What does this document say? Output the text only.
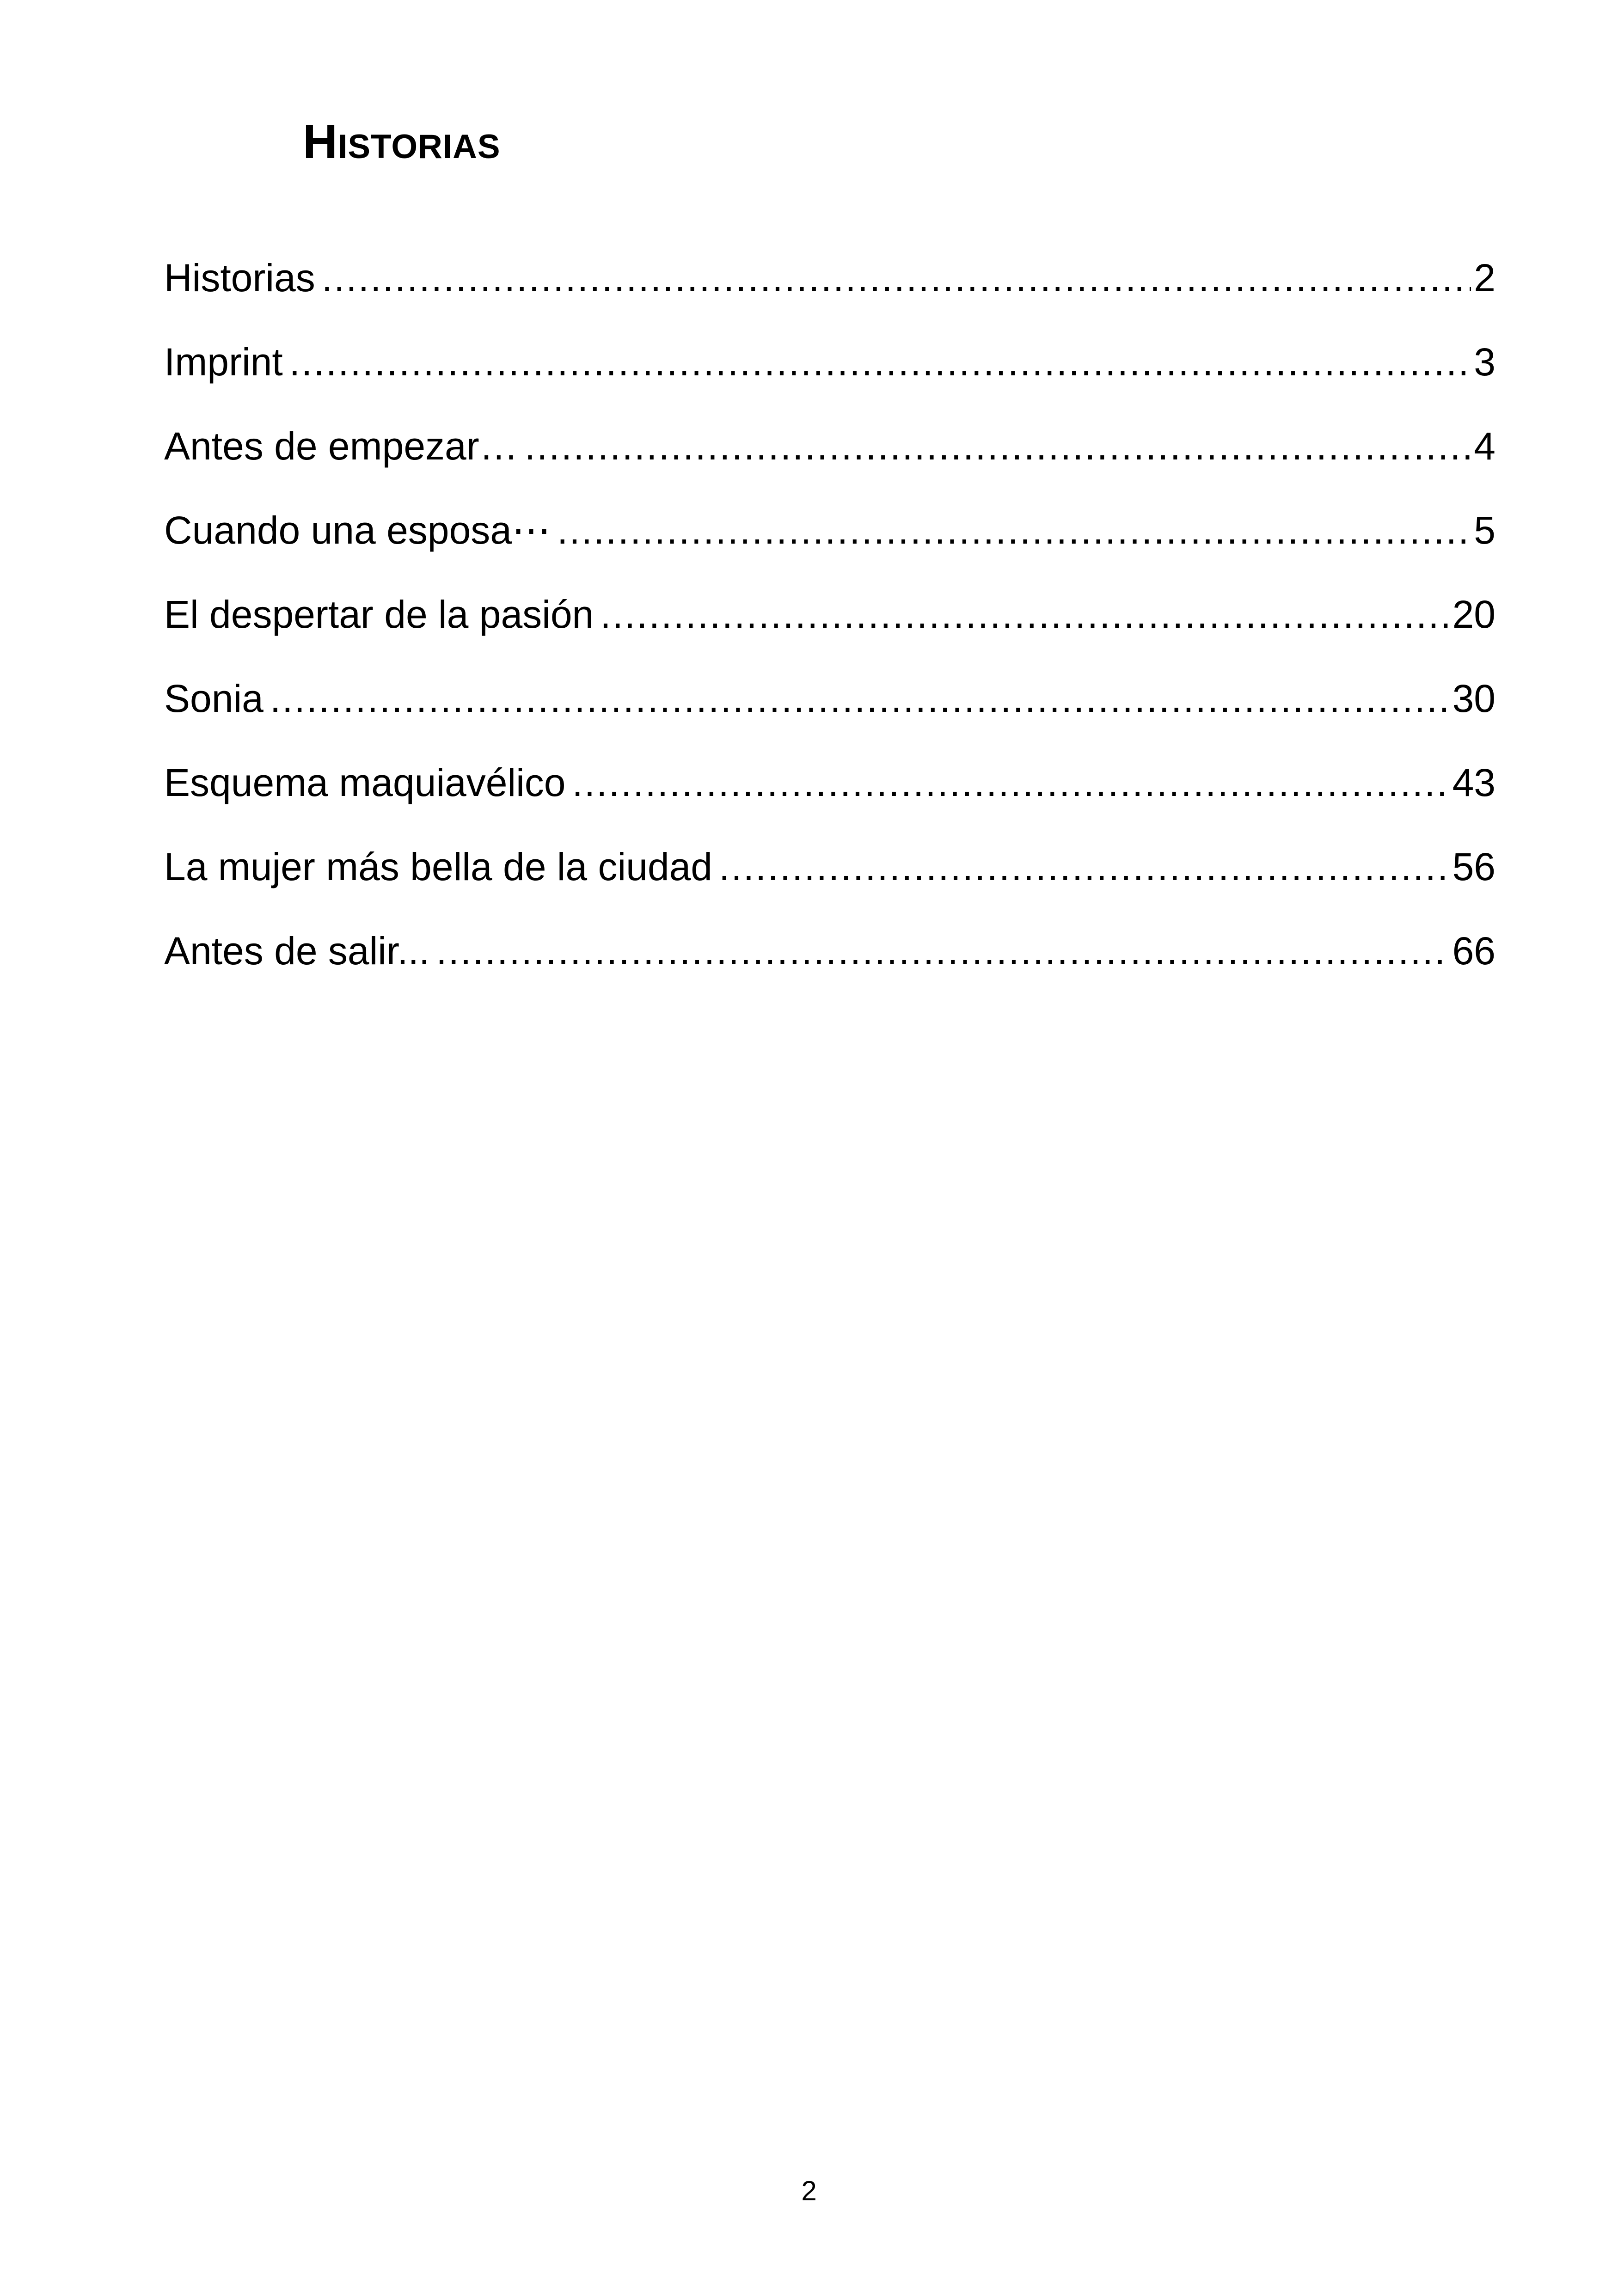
Historias
Historias .....	2
Imprint .....	3
Antes de empezar… .....	4
Cuando una esposa⋯ .....	5
El despertar de la pasión .....	20
Sonia .....	30
Esquema maquiavélico .....	43
La mujer más bella de la ciudad .....	56
Antes de salir... .....	66
2
